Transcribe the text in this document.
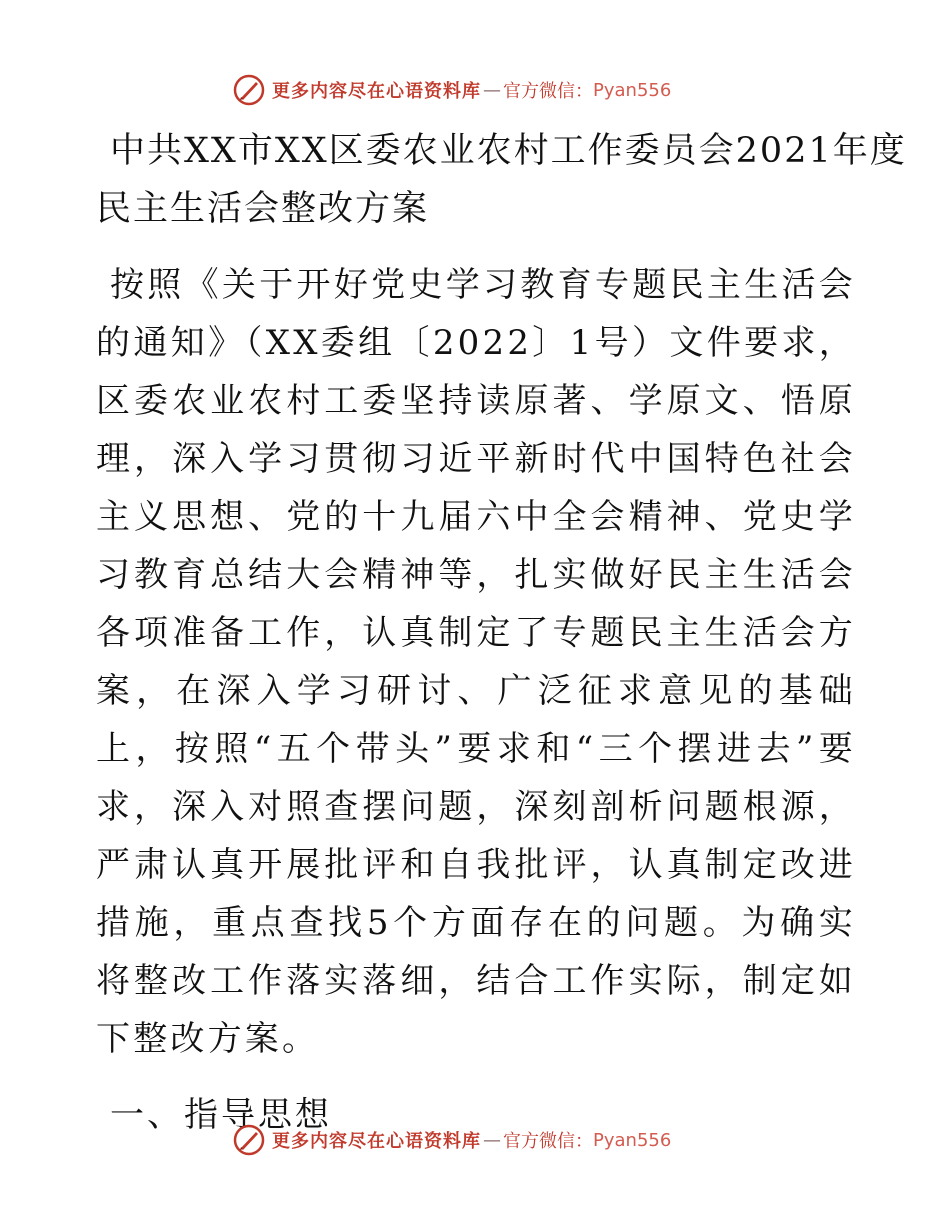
更多内容尽在心语资料库 — 官方微信： Pyan556
中共XX市XX区委农业农村工作委员会2021年度
民主生活会整改方案

按照《关于开好党史学习教育专题民主生活会的通知》（XX委组〔2022〕1号）文件要求，区委农业农村工委坚持读原著、学原文、悟原理，深入学习贯彻习近平新时代中国特色社会主义思想、党的十九届六中全会精神、党史学习教育总结大会精神等，扎实做好民主生活会各项准备工作，认真制定了专题民主生活会方案，在深入学习研讨、广泛征求意见的基础上，按照“五个带头”要求和“三个摆进去”要求，深入对照查摆问题，深刻剖析问题根源，严肃认真开展批评和自我批评，认真制定改进措施，重点查找5个方面存在的问题。为确实将整改工作落实落细，结合工作实际，制定如下整改方案。

一、指导思想
更多内容尽在心语资料库 — 官方微信： Pyan556
